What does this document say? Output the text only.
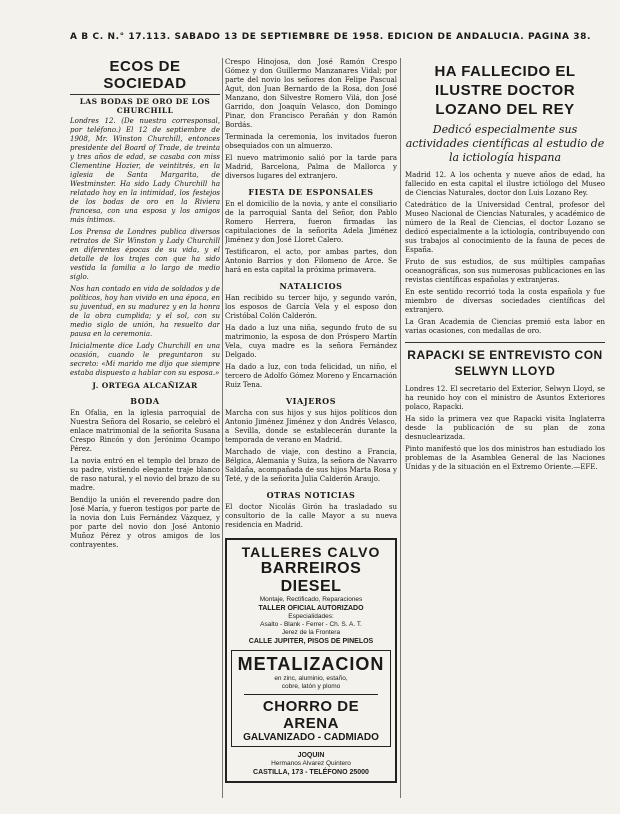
A B C. N.° 17.113. SABADO 13 DE SEPTIEMBRE DE 1958. EDICION DE ANDALUCIA. PAGINA 38.
ECOS DE SOCIEDAD
LAS BODAS DE ORO DE LOS CHURCHILL

Londres 12. (De nuestra corresponsal, por teléfono.) El 12 de septiembre de 1908, Mr. Winston Churchill, entonces presidente del Board of Trade, de treinta y tres años de edad, se casaba con miss Clementine Hozier, de veintitrés, en la iglesia de Santa Margarita, de Westminster. Ha sido Lady Churchill ha relatado hoy en la intimidad, los festejos de los bodas de oro en la Riviera francesa, con una esposa y los amigos más íntimos.

Los Prensa de Londres publica diversos retratos de Sir Winston y Lady Churchill en diferentes épocas de su vida, y el detalle de los trajes con que ha sido vestida la familia a lo largo de medio siglo.

Nos han contado en vida de soldados y de políticos, hoy han vivido en una época, en su juventud, en su madurez y en la honra de la obra cumplida; y el sol, con su medio siglo de unión, ha resuelto dar pausa en la ceremonia.

Inicialmente dice Lady Churchill en una ocasión, cuando le preguntaron su secreto: «Mi marido me dijo que siempre estaba dispuesto a hablar con su esposa.»

J. ORTEGA ALCAÑIZAR
BODA

En Ofalia, en la iglesia parroquial de Nuestra Señora del Rosario, se celebró el enlace matrimonial de la señorita Susana Crespo Rincón y don Jerónimo Ocampo Pérez.

La novia entró en el templo del brazo de su padre, vistiendo elegante traje blanco de raso natural, y el novio del brazo de su madre.

Bendijo la unión el reverendo padre don José María, y fueron testigos por parte de la novia don Luis Fernández Vázquez, y por parte del novio don José Antonio Muñoz Pérez y otros amigos de los contrayentes.

Crespo Hinojosa, don José Ramón Crespo Gómez y don Guillermo Manzanares Vidal; por parte del novio los señores don Felipe Pascual Agut, don Juan Bernardo de la Rosa, don José Manzano, don Silvestre Romero Vilá, don José Garrido, don Joaquín Velasco, don Domingo Pinar, don Francisco Perañán y don Ramón Bordás.

Terminada la ceremonia, los invitados fueron obsequiados con un almuerzo.

El nuevo matrimonio salió por la tarde para Madrid, Barcelona, Palma de Mallorca y diversos lugares del extranjero.

FIESTA DE ESPONSALES

En el domicilio de la novia, y ante el consiliario de la parroquial Santa del Señor, don Pablo Romero Herrera, fueron firmadas las capitulaciones de la señorita Adela Jiménez Jiménez y don José Lloret Calero.

Testificaron, el acto, por ambas partes, don Antonio Barrios y don Filomeno de Arce. Se hará en esta capital la próxima primavera.

NATALICIOS

Han recibido su tercer hijo, y segundo varón, los esposos de García Vela y el esposo don Cristóbal Colón Calderón.

Ha dado a luz una niña, segundo fruto de su matrimonio, la esposa de don Próspero Martín Vela, cuya madre es la señora Fernández Delgado.

Ha dado a luz, con toda felicidad, un niño, el tercero de Adolfo Gómez Moreno y Encarnación Ruiz Tena.

VIAJEROS

Marcha con sus hijos y sus hijos políticos don Antonio Jiménez Jiménez y don Andrés Velasco, a Sevilla, donde se establecerán durante la temporada de verano en Madrid.

Marchado de viaje, con destino a Francia, Bélgica, Alemania y Suiza, la señora de Navarro Saldaña, acompañada de sus hijos Marta Rosa y Teté, y de la señorita Julia Calderón Araujo.

OTRAS NOTICIAS

El doctor Nicolás Girón ha trasladado su consultorio de la calle Mayor a su nueva residencia en Madrid.

TALLERES CALVO
BARREIROS DIESEL
Montaje, Rectificado, Reparaciones
TALLER OFICIAL AUTORIZADO
Especialidades:
Asalto - Blank - Ferrer - Ch. S. A. T.
Jerez de la Frontera
CALLE JUPITER, PISOS DE PINELOS
METALIZACION
en zinc, aluminio, estaño,
cobre, latón y plomo
CHORRO DE ARENA
GALVANIZADO - CADMIADO
JOQUIN
Hermanos Alvarez Quintero
CASTILLA, 173 - TELÉFONO 25000
HA FALLECIDO EL ILUSTRE DOCTOR LOZANO DEL REY
Dedicó especialmente sus actividades científicas al estudio de la ictiología hispana

Madrid 12. A los ochenta y nueve años de edad, ha fallecido en esta capital el ilustre ictiólogo del Museo de Ciencias Naturales, doctor don Luis Lozano Rey.

Catedrático de la Universidad Central, profesor del Museo Nacional de Ciencias Naturales, y académico de número de la Real de Ciencias, el doctor Lozano se dedicó especialmente a la ictiología, contribuyendo con sus trabajos al conocimiento de la fauna de peces de España.

Fruto de sus estudios, de sus múltiples campañas oceanográficas, son sus numerosas publicaciones en las revistas científicas españolas y extranjeras.

En este sentido recorrió toda la costa española y fue miembro de diversas sociedades científicas del extranjero.

La Gran Academia de Ciencias premió esta labor en varias ocasiones, con medallas de oro.

RAPACKI SE ENTREVISTO CON SELWYN LLOYD

Londres 12. El secretario del Exterior, Selwyn Lloyd, se ha reunido hoy con el ministro de Asuntos Exteriores polaco, Rapacki.

Ha sido la primera vez que Rapacki visita Inglaterra desde la publicación de su plan de zona desnuclearizada.

Pinto manifestó que los dos ministros han estudiado los problemas de la Asamblea General de las Naciones Unidas y de la situación en el Extremo Oriente.—EFE.
